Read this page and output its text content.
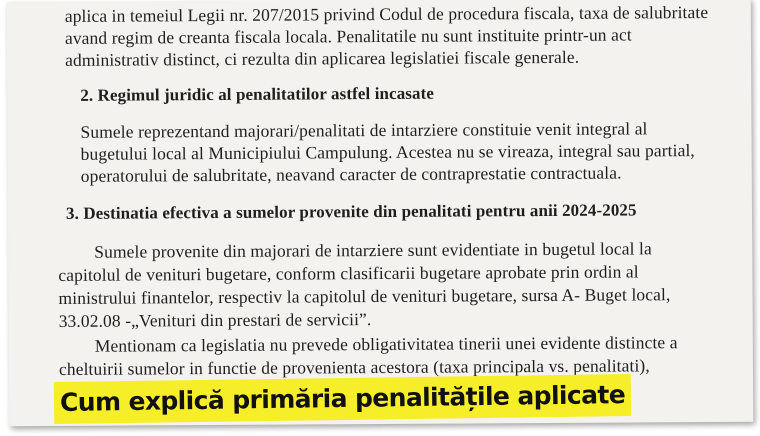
aplica in temeiul Legii nr. 207/2015 privind Codul de procedura fiscala, taxa de salubritate
avand regim de creanta fiscala locala. Penalitatile nu sunt instituite printr-un act
administrativ distinct, ci rezulta din aplicarea legislatiei fiscale generale.
2. Regimul juridic al penalitatilor astfel incasate
Sumele reprezentand majorari/penalitati de intarziere constituie venit integral al
bugetului local al Municipiului Campulung. Acestea nu se vireaza, integral sau partial,
operatorului de salubritate, neavand caracter de contraprestatie contractuala.
3. Destinatia efectiva a sumelor provenite din penalitati pentru anii 2024-2025
Sumele provenite din majorari de intarziere sunt evidentiate in bugetul local la
capitolul de venituri bugetare, conform clasificarii bugetare aprobate prin ordin al
ministrului finantelor, respectiv la capitolul de venituri bugetare, sursa A- Buget local,
33.02.08 -„Venituri din prestari de servicii”.
Mentionam ca legislatia nu prevede obligativitatea tinerii unei evidente distincte a
cheltuirii sumelor in functie de provenienta acestora (taxa principala vs. penalitati),
Cum explică primăria penalitățile aplicate
